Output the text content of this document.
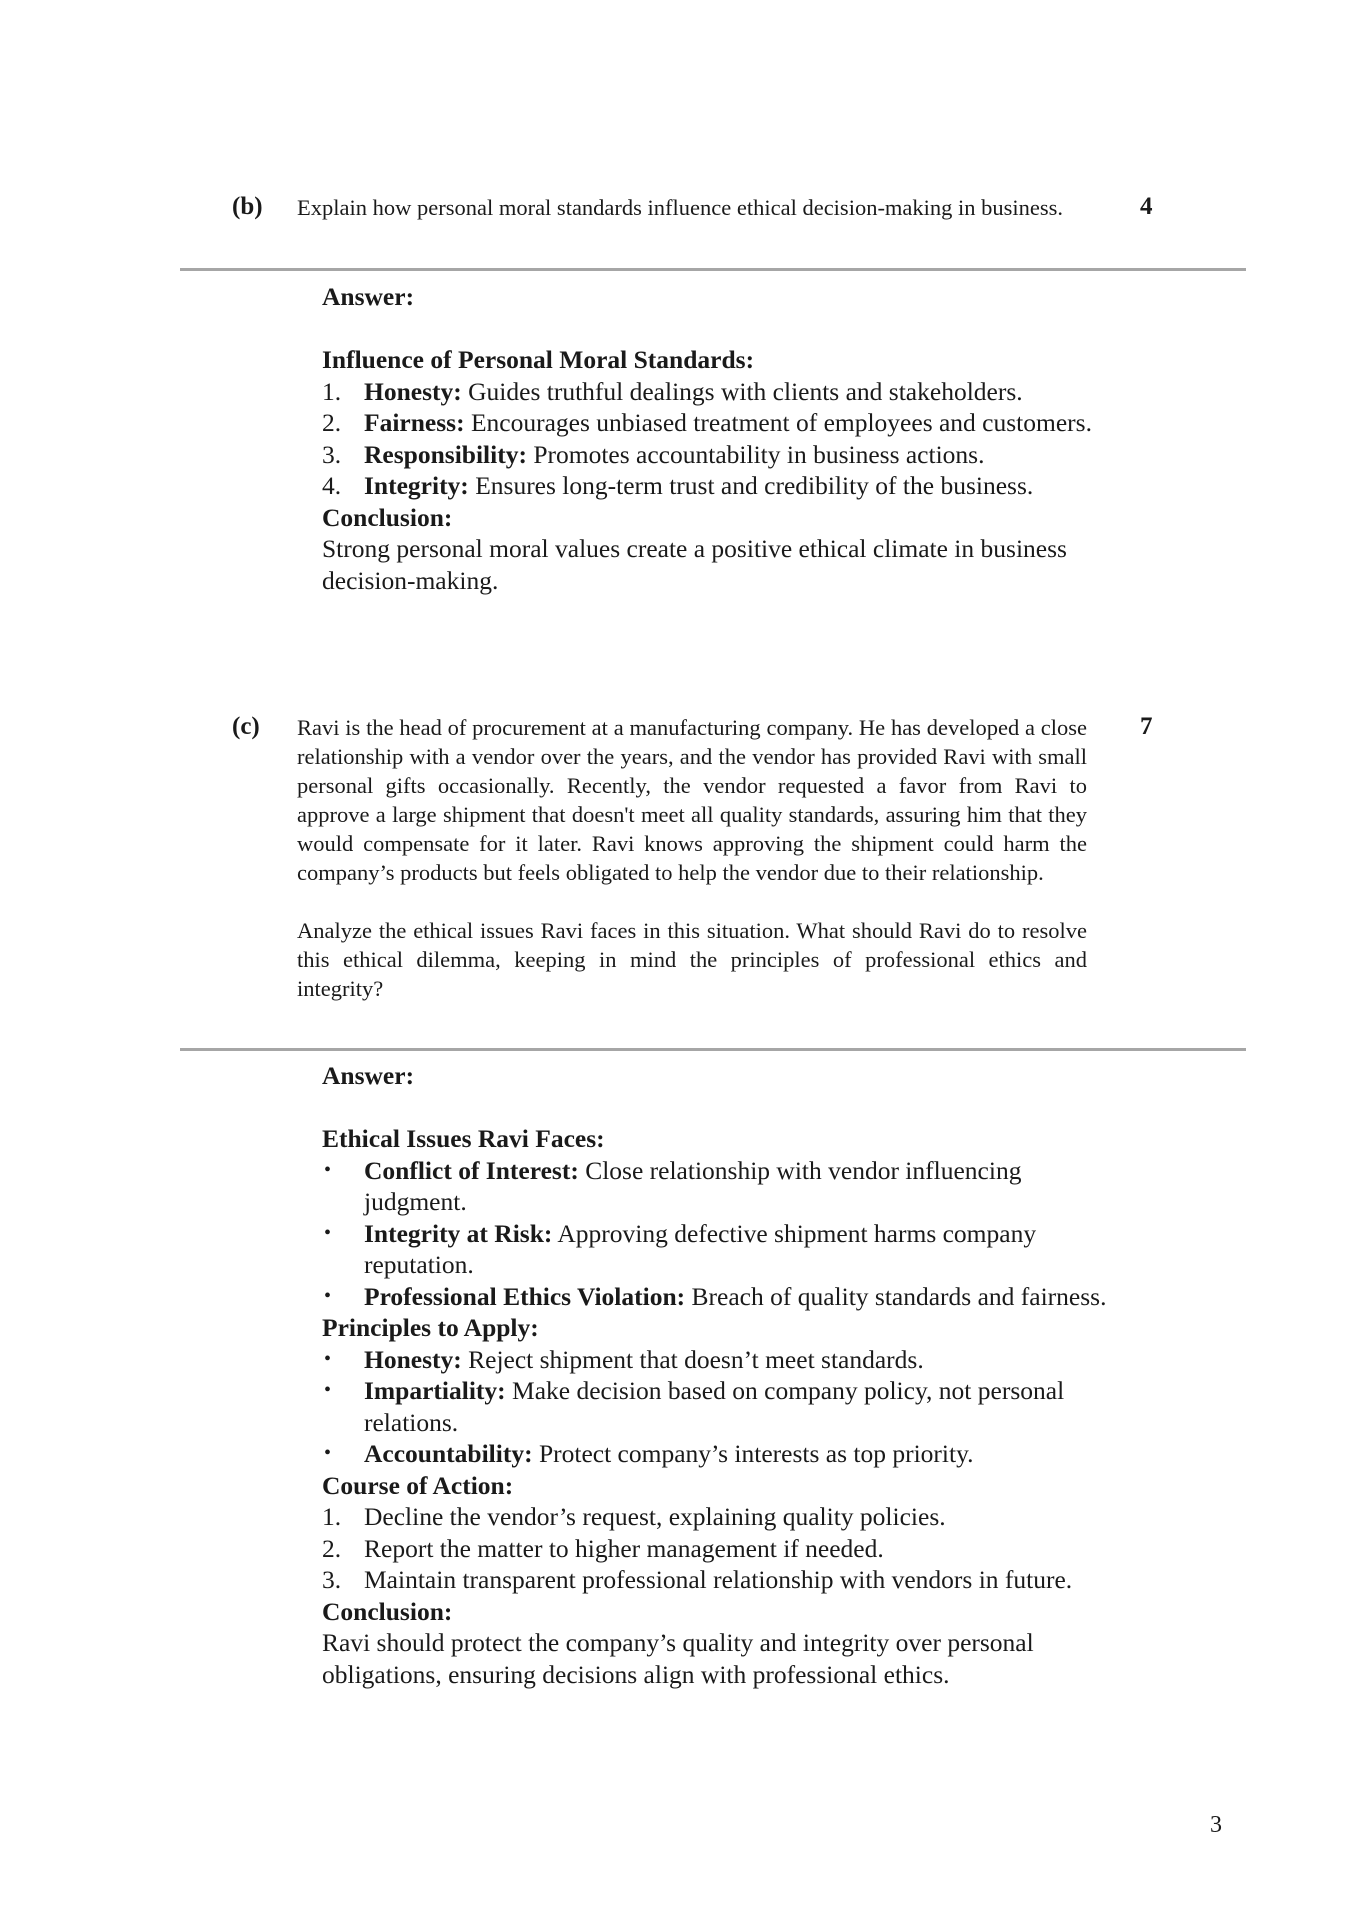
(b) Explain how personal moral standards influence ethical decision-making in business.	4

Answer:

Influence of Personal Moral Standards:

1. Honesty: Guides truthful dealings with clients and stakeholders.
2. Fairness: Encourages unbiased treatment of employees and customers.
3. Responsibility: Promotes accountability in business actions.
4. Integrity: Ensures long-term trust and credibility of the business.

Conclusion:

Strong personal moral values create a positive ethical climate in business decision-making.

(c) Ravi is the head of procurement at a manufacturing company. He has developed a close relationship with a vendor over the years, and the vendor has provided Ravi with small personal gifts occasionally. Recently, the vendor requested a favor from Ravi to approve a large shipment that doesn't meet all quality standards, assuring him that they would compensate for it later. Ravi knows approving the shipment could harm the company’s products but feels obligated to help the vendor due to their relationship.

Analyze the ethical issues Ravi faces in this situation. What should Ravi do to resolve this ethical dilemma, keeping in mind the principles of professional ethics and integrity?

7

Answer:

Ethical Issues Ravi Faces:

• Conflict of Interest: Close relationship with vendor influencing judgment.
• Integrity at Risk: Approving defective shipment harms company reputation.
• Professional Ethics Violation: Breach of quality standards and fairness.

Principles to Apply:

• Honesty: Reject shipment that doesn’t meet standards.
• Impartiality: Make decision based on company policy, not personal relations.
• Accountability: Protect company’s interests as top priority.

Course of Action:

1. Decline the vendor’s request, explaining quality policies.
2. Report the matter to higher management if needed.
3. Maintain transparent professional relationship with vendors in future.

Conclusion:

Ravi should protect the company’s quality and integrity over personal obligations, ensuring decisions align with professional ethics.

3
